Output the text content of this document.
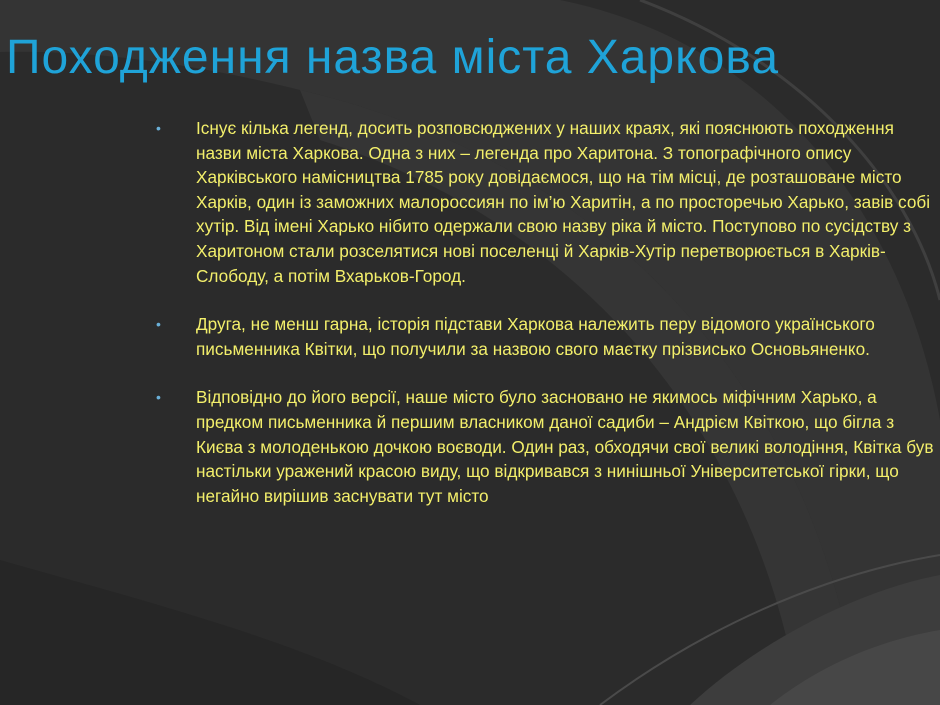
Походження назва міста Харкова
• Існує кілька легенд, досить розповсюджених у наших краях, які пояснюють походження назви міста Харкова. Одна з них – легенда про Харитона. З топографічного опису Харківського намісництва 1785 року довідаємося, що на тім місці, де розташоване місто Харків, один із заможних малороссиян по ім’ю Харитін, а по просторечью Харько, завів собі хутір. Від імені Харько нібито одержали свою назву ріка й місто. Поступово по сусідству з Харитоном стали розселятися нові поселенці й Харків-Хутір перетворюється в Харків-Слободу, а потім Вхарьков-Город.
• Друга, не менш гарна, історія підстави Харкова належить перу відомого українського письменника Квітки, що получили за назвою свого маєтку прізвисько Основьяненко.
• Відповідно до його версії, наше місто було засновано не якимось міфічним Харько, а предком письменника й першим власником даної садиби – Андрієм Квіткою, що бігла з Києва з молоденькою дочкою воєводи. Один раз, обходячи свої великі володіння, Квітка був настільки уражений красою виду, що відкривався з нинішньої Університетської гірки, що негайно вирішив заснувати тут місто
